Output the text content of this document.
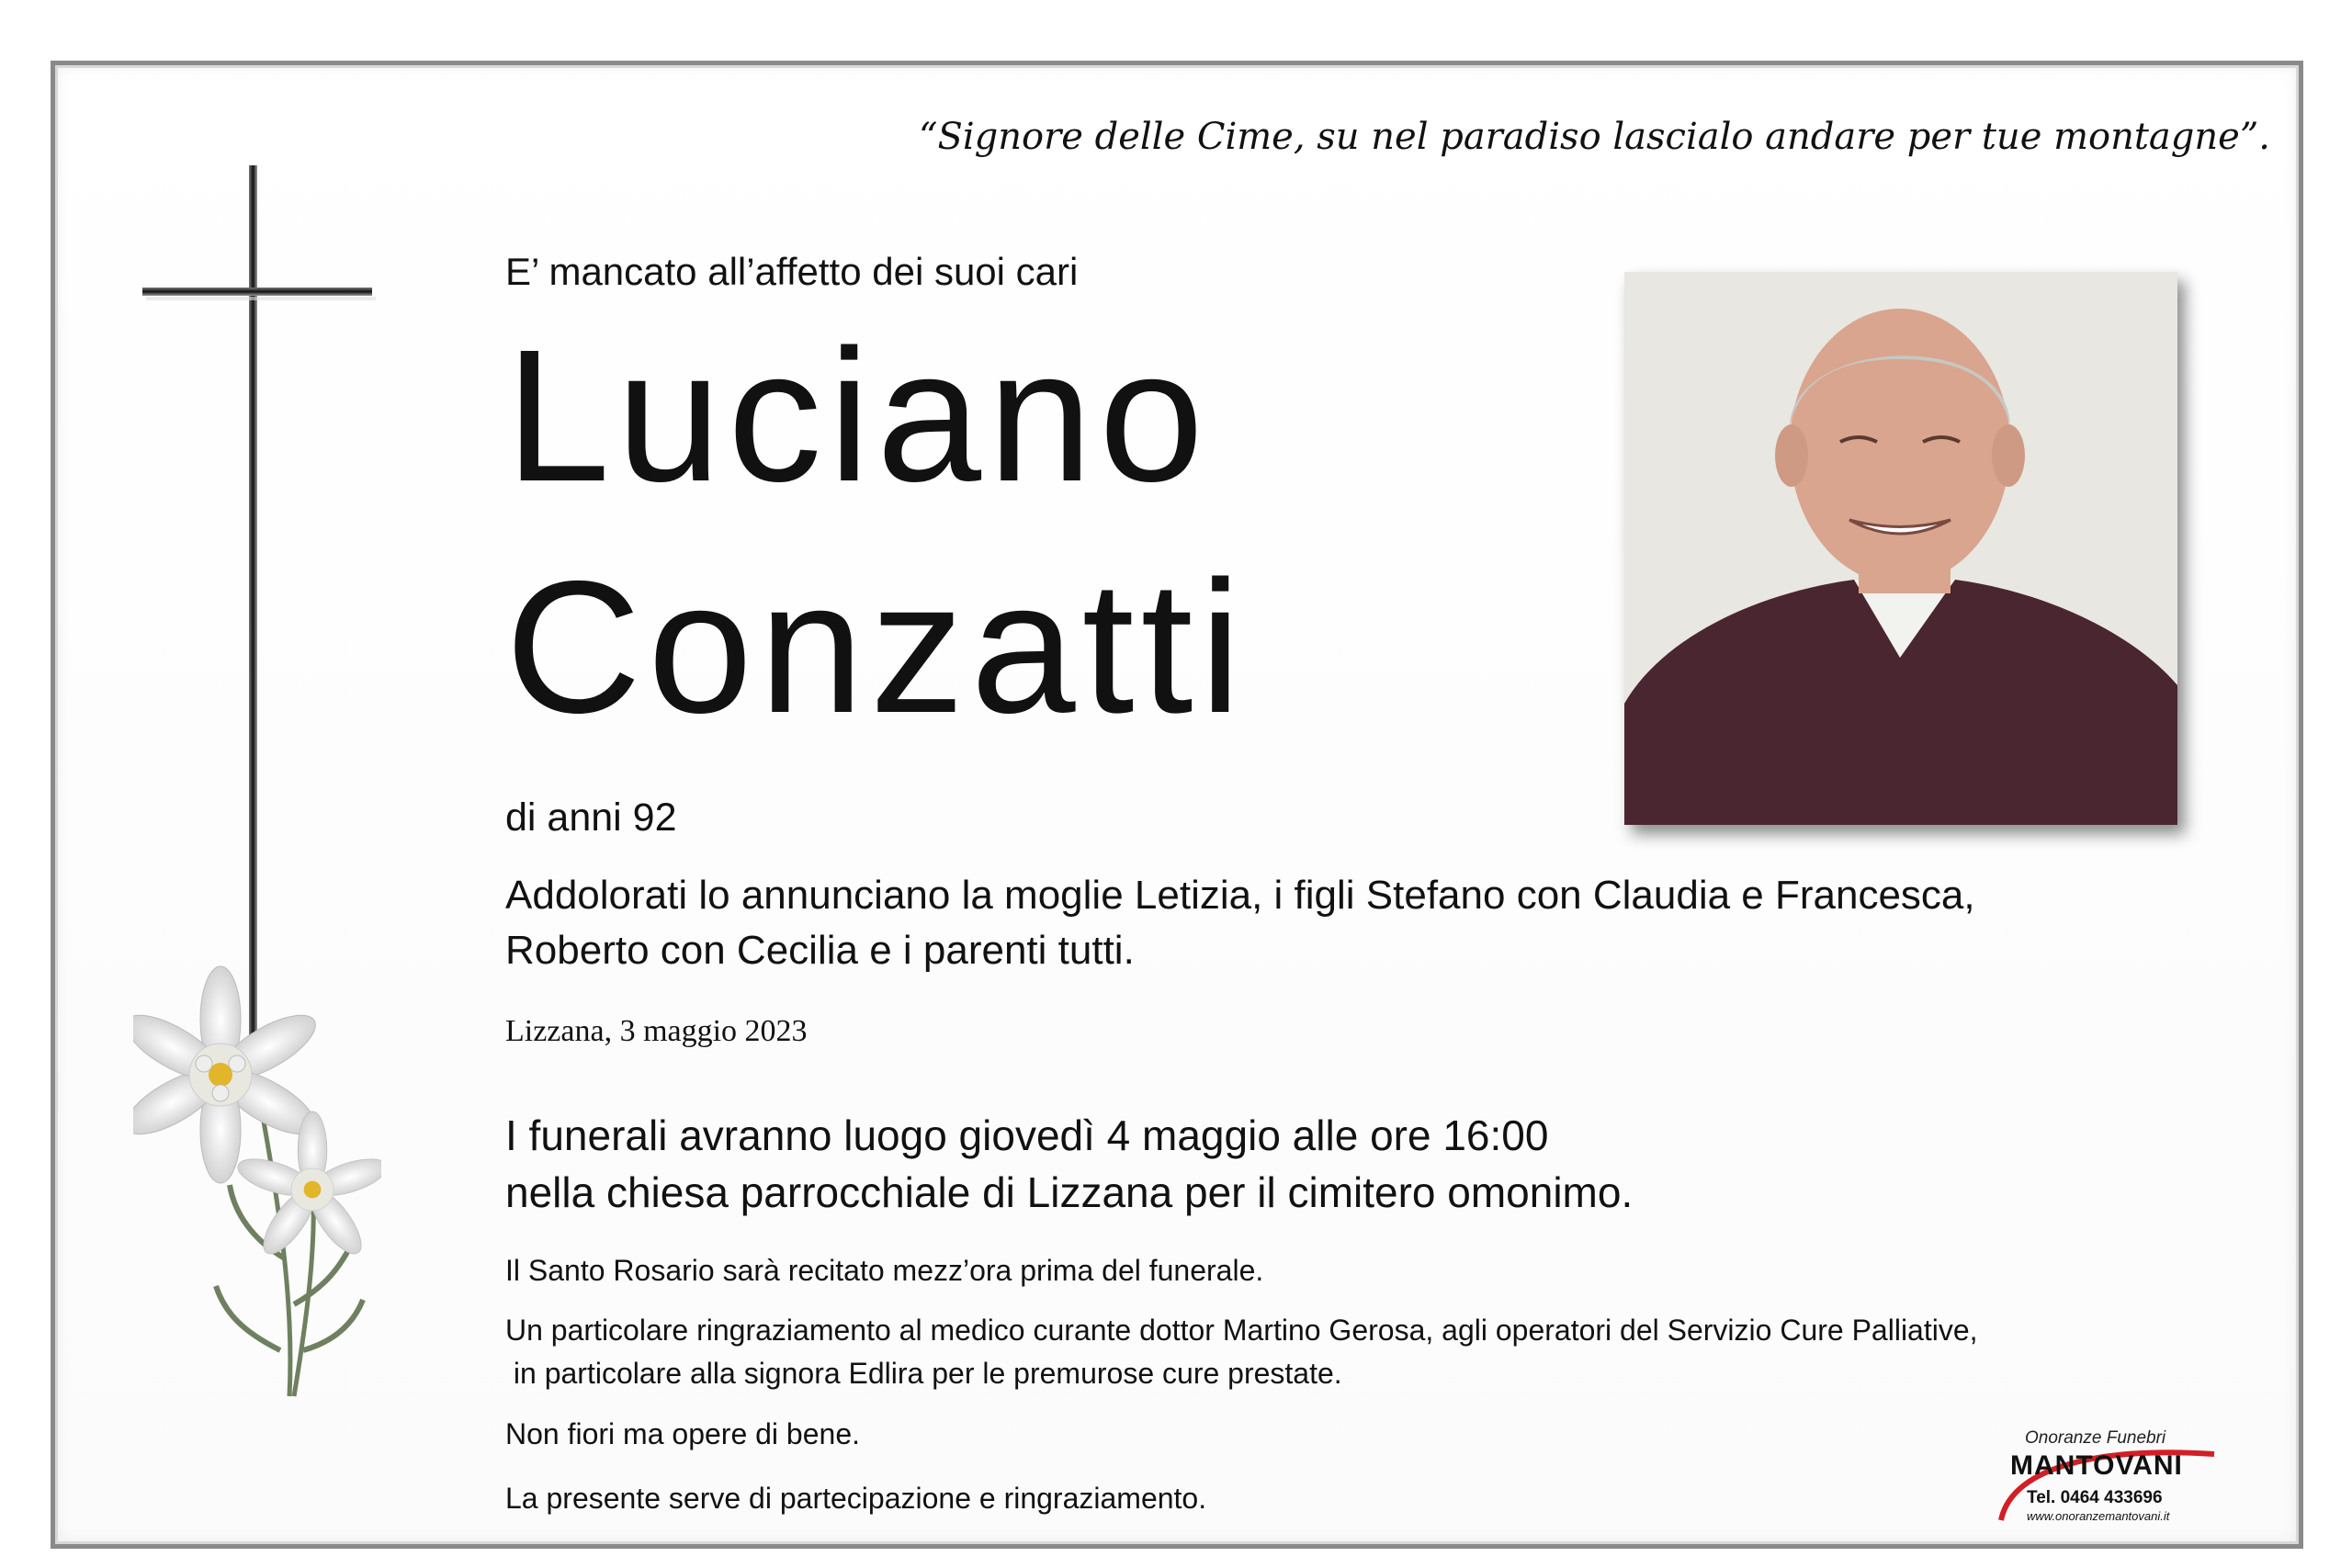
“Signore delle Cime, su nel paradiso lascialo andare per tue montagne”.
E’ mancato all’affetto dei suoi cari
Luciano
Conzatti
di anni 92
Addolorati lo annunciano la moglie Letizia, i figli Stefano con Claudia e Francesca,
Roberto con Cecilia e i parenti tutti.
Lizzana, 3 maggio 2023
I funerali avranno luogo giovedì 4 maggio alle ore 16:00
nella chiesa parrocchiale di Lizzana per il cimitero omonimo.
Il Santo Rosario sarà recitato mezz’ora prima del funerale.
Un particolare ringraziamento al medico curante dottor Martino Gerosa, agli operatori del Servizio Cure Palliative,
in particolare alla signora Edlira per le premurose cure prestate.
Non fiori ma opere di bene.
La presente serve di partecipazione e ringraziamento.
Onoranze Funebri
MANTOVANI
Tel. 0464 433696
www.onoranzemantovani.it
